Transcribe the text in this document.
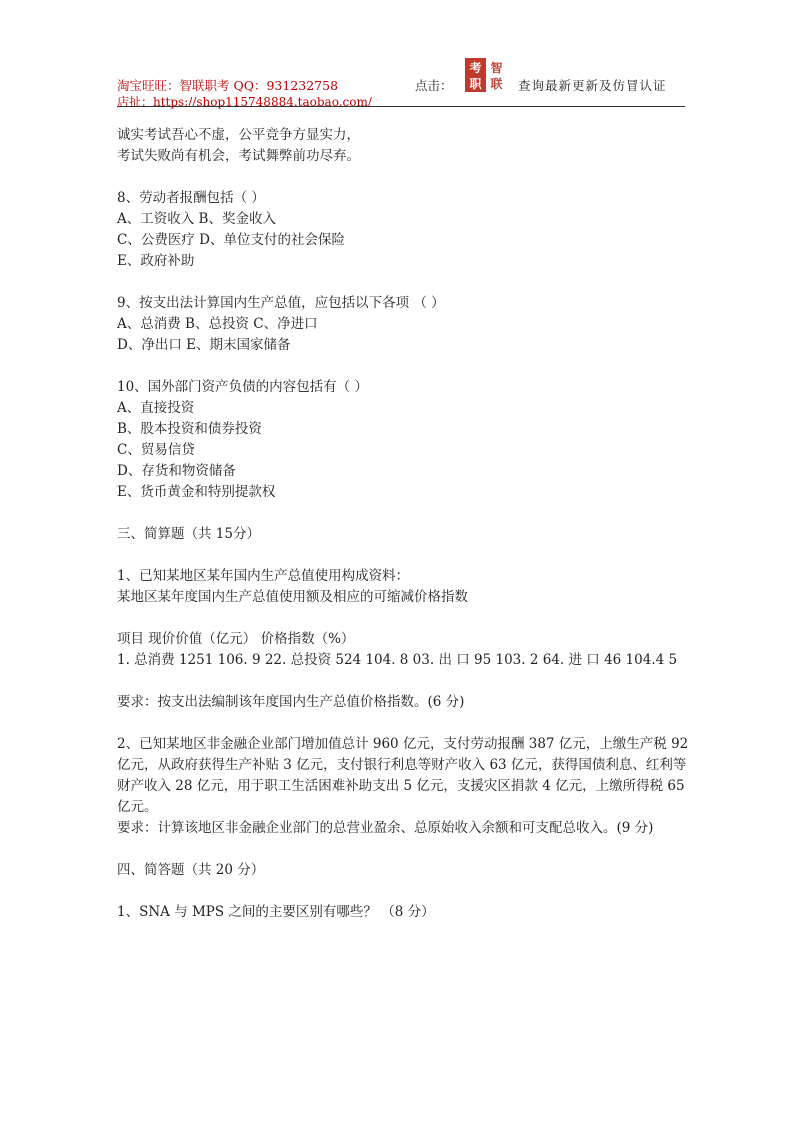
淘宝旺旺：智联职考 QQ：931232758
店扯：https://shop115748884.taobao.com/
点击：
考
职
智
联 查询最新更新及仿冒认证
诚实考试吾心不虚，公平竞争方显实力，
考试失败尚有机会，考试舞弊前功尽弃。
8、劳动者报酬包括（ ）
A、工资收入 B、奖金收入
C、公费医疗 D、单位支付的社会保险
E、政府补助
9、按支出法计算国内生产总值，应包括以下各项 （ ）
A、总消费 B、总投资 C、净进口
D、净出口 E、期末国家储备
10、国外部门资产负债的内容包括有（ ）
A、直接投资
B、股本投资和债券投资
C、贸易信贷
D、存货和物资储备
E、货币黄金和特别提款权
三、简算题（共 15分）
1、已知某地区某年国内生产总值使用构成资料：
某地区某年度国内生产总值使用额及相应的可缩减价格指数
项目 现价价值（亿元） 价格指数（%）
1. 总消费 1251 106. 9 22. 总投资 524 104. 8 03. 出 口 95 103. 2 64. 进 口 46 104.4 5
要求：按支出法编制该年度国内生产总值价格指数。(6 分)
2、已知某地区非金融企业部门增加值总计 960 亿元，支付劳动报酬 387 亿元，上缴生产税 92 亿元，从政府获得生产补贴 3 亿元，支付银行利息等财产收入 63 亿元，获得国债利息、红利等财产收入 28 亿元，用于职工生活困难补助支出 5 亿元，支援灾区捐款 4 亿元，上缴所得税 65 亿元。
要求：计算该地区非金融企业部门的总营业盈余、总原始收入余额和可支配总收入。(9 分)
四、简答题（共 20 分）
1、SNA 与 MPS 之间的主要区别有哪些？ （8 分）
